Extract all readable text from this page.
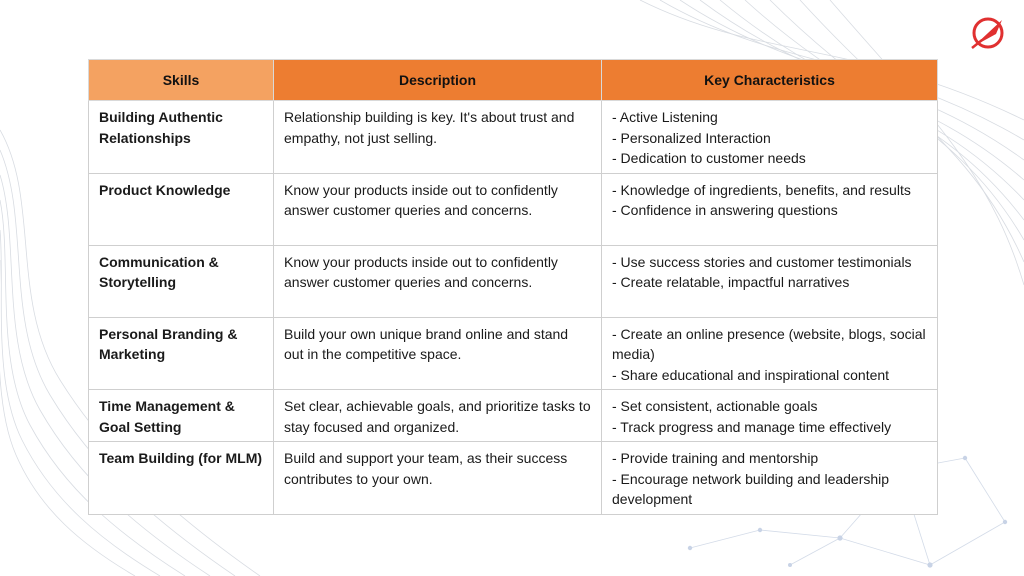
Skills	Description	Key Characteristics
Building Authentic Relationships	Relationship building is key. It's about trust and empathy, not just selling.	- Active Listening
- Personalized Interaction
- Dedication to customer needs

Product Knowledge	Know your products inside out to confidently answer customer queries and concerns.	- Knowledge of ingredients, benefits, and results
- Confidence in answering questions

Communication & Storytelling	Know your products inside out to confidently answer customer queries and concerns.	- Use success stories and customer testimonials
- Create relatable, impactful narratives

Personal Branding & Marketing	Build your own unique brand online and stand out in the competitive space.	- Create an online presence (website, blogs, social media)
- Share educational and inspirational content

Time Management & Goal Setting	Set clear, achievable goals, and prioritize tasks to stay focused and organized.	- Set consistent, actionable goals
- Track progress and manage time effectively

Team Building (for MLM)	Build and support your team, as their success contributes to your own.	- Provide training and mentorship
- Encourage network building and leadership development
